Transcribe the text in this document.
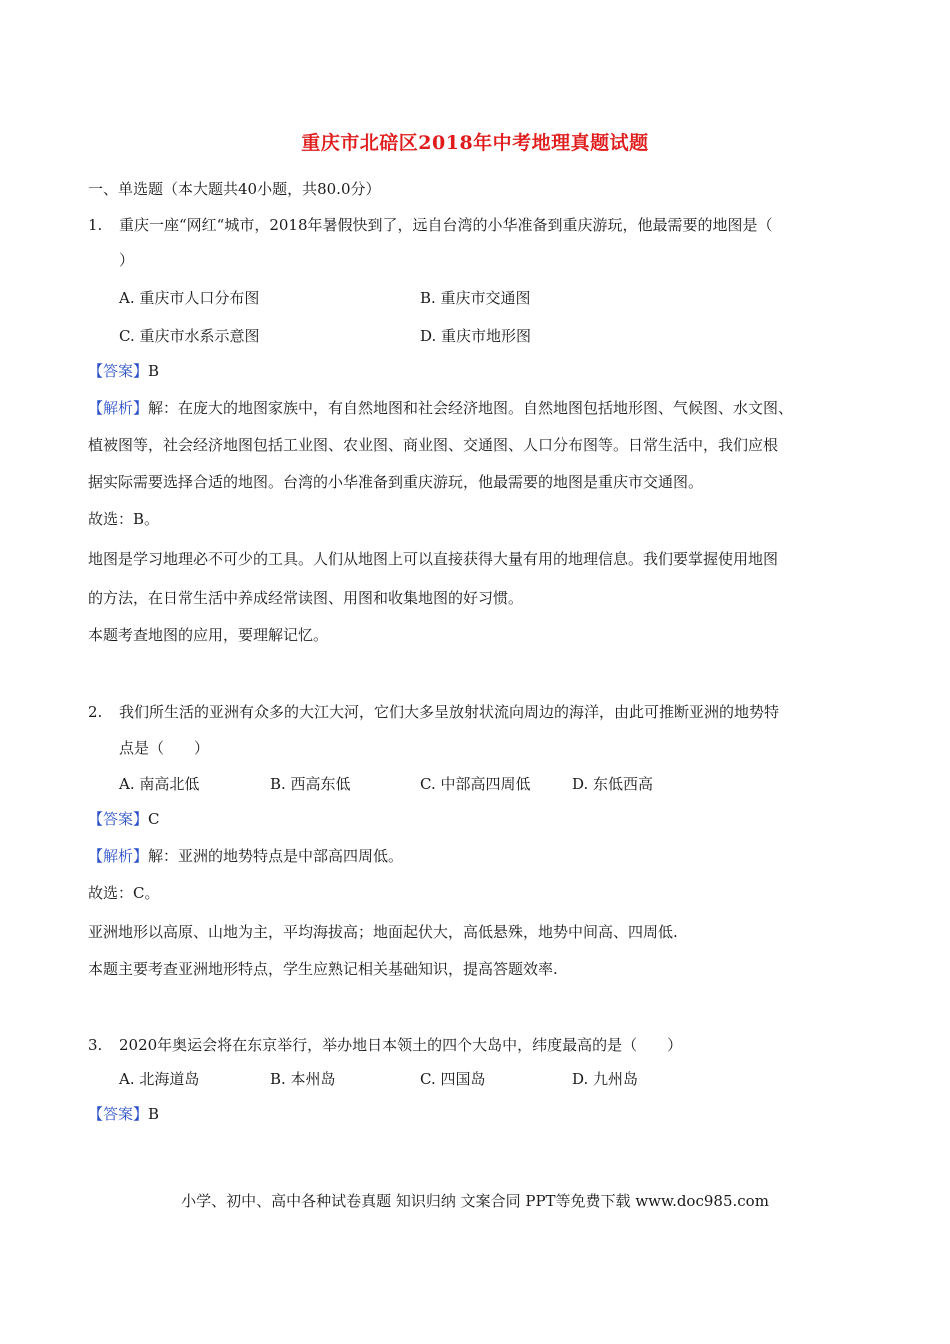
重庆市北碚区2018年中考地理真题试题
一、单选题（本大题共40小题，共80.0分）
1. 重庆一座“网红“城市，2018年暑假快到了，远自台湾的小华准备到重庆游玩，他最需要的地图是（
）
A. 重庆市人口分布图	B. 重庆市交通图
C. 重庆市水系示意图	D. 重庆市地形图
【答案】B
【解析】解：在庞大的地图家族中，有自然地图和社会经济地图。自然地图包括地形图、气候图、水文图、
植被图等，社会经济地图包括工业图、农业图、商业图、交通图、人口分布图等。日常生活中，我们应根
据实际需要选择合适的地图。台湾的小华准备到重庆游玩，他最需要的地图是重庆市交通图。
故选：B。
地图是学习地理必不可少的工具。人们从地图上可以直接获得大量有用的地理信息。我们要掌握使用地图
的方法，在日常生活中养成经常读图、用图和收集地图的好习惯。
本题考查地图的应用，要理解记忆。
2. 我们所生活的亚洲有众多的大江大河，它们大多呈放射状流向周边的海洋，由此可推断亚洲的地势特
点是（　　）
A. 南高北低	B. 西高东低	C. 中部高四周低	D. 东低西高
【答案】C
【解析】解：亚洲的地势特点是中部高四周低。
故选：C。
亚洲地形以高原、山地为主，平均海拔高；地面起伏大，高低悬殊，地势中间高、四周低.
本题主要考查亚洲地形特点，学生应熟记相关基础知识，提高答题效率.
3. 2020年奥运会将在东京举行，举办地日本领土的四个大岛中，纬度最高的是（　　）
A. 北海道岛	B. 本州岛	C. 四国岛	D. 九州岛
【答案】B
小学、初中、高中各种试卷真题 知识归纳 文案合同 PPT等免费下载 www.doc985.com
